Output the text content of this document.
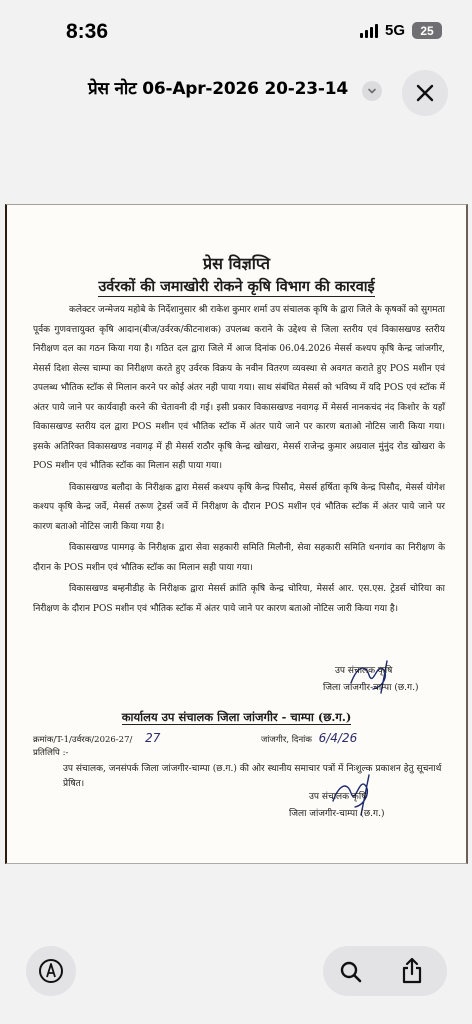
8:36	5G 25
प्रेस नोट 06-Apr-2026 20-23-14
प्रेस विज्ञप्ति
उर्वरकों की जमाखोरी रोकने कृषि विभाग की कारवाई

कलेक्टर जन्मेजय महोबे के निर्देशानुसार श्री राकेश कुमार शर्मा उप संचालक कृषि के द्वारा जिले के कृषकों को सुगमता पूर्वक गुणवत्तायुक्त कृषि आदान(बीज/उर्वरक/कीटनाशक) उपलब्ध कराने के उद्देश्य से जिला स्तरीय एवं विकासखण्ड स्तरीय निरीक्षण दल का गठन किया गया है। गठित दल द्वारा जिले में आज दिनांक 06.04.2026 मेसर्स कश्यप कृषि केन्द्र जांजगीर, मेसर्स दिशा सेल्स चाम्पा का निरीक्षण करते हुए उर्वरक विक्रय के नवीन वितरण व्यवस्था से अवगत कराते हुए POS मशीन एवं उपलब्ध भौतिक स्टॉक से मिलान करने पर कोई अंतर नही पाया गया। साथ संबंधित मेसर्स को भविष्य में यदि POS एवं स्टॉक में अंतर पाये जाने पर कार्यवाही करने की चेतावनी दी गई। इसी प्रकार विकासखण्ड नवागढ़ में मेसर्स नानकचंद नंद किशोर के यहाँ विकासखण्ड स्तरीय दल द्वारा POS मशीन एवं भौतिक स्टॉक में अंतर पाये जाने पर कारण बताओ नोटिस जारी किया गया। इसके अतिरिक्त विकासखण्ड नवागढ़ में ही मेसर्स राठौर कृषि केन्द्र खोखरा, मेसर्स राजेन्द्र कुमार अग्रवाल मुंनुंद रोड खोखरा के POS मशीन एवं भौतिक स्टॉक का मिलान सही पाया गया।

विकासखण्ड बलौदा के निरीक्षक द्वारा मेसर्स कश्यप कृषि केन्द्र पिसौद, मेसर्स हर्षिता कृषि केन्द्र पिसौद, मेसर्स योगेश कश्यप कृषि केन्द्र जर्वे, मेसर्स तरूण ट्रेडर्स जर्वे में निरीक्षण के दौरान POS मशीन एवं भौतिक स्टॉक में अंतर पाये जाने पर कारण बताओ नोटिस जारी किया गया है।

विकासखण्ड पामगढ़ के निरीक्षक द्वारा सेवा सहकारी समिति मिलौनी, सेवा सहकारी समिति धनगांव का निरीक्षण के दौरान के POS मशीन एवं भौतिक स्टॉक का मिलान सही पाया गया।

विकासखण्ड बम्हनीडीह के निरीक्षक द्वारा मेसर्स क्रांति कृषि केन्द्र चोरिया, मेसर्स आर. एस.एस. ट्रेडर्स चोरिया का निरीक्षण के दौरान POS मशीन एवं भौतिक स्टॉक में अंतर पाये जाने पर कारण बताओ नोटिस जारी किया गया है।

उप संचालक कृषि
जिला जांजगीर-चाम्पा (छ.ग.)
कार्यालय उप संचालक जिला जांजगीर - चाम्पा (छ.ग.)
क्रमांक/T-1/उर्वरक/2026-27/ 27	जांजगीर, दिनांक 6/4/26
प्रतिलिपि :-
उप संचालक, जनसंपर्क जिला जांजगीर-चाम्पा (छ.ग.) की ओर स्थानीय समाचार पत्रों में निःशुल्क प्रकाशन हेतु सूचनार्थ प्रेषित।
उप संचालक कृषि
जिला जांजगीर-चाम्पा (छ.ग.)
